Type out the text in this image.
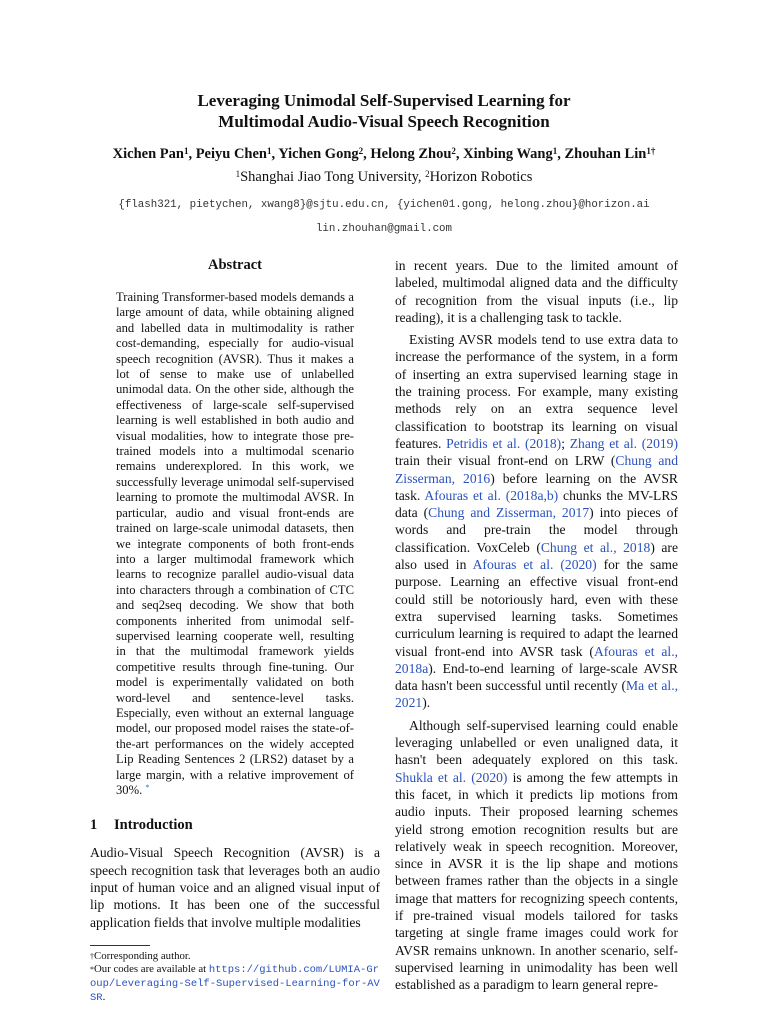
Leveraging Unimodal Self-Supervised Learning for
Multimodal Audio-Visual Speech Recognition
Xichen Pan$^1$, Peiyu Chen$^1$, Yichen Gong$^2$, Helong Zhou$^2$, Xinbing Wang$^1$, Zhouhan Lin$^{1\dagger}$
$^1$Shanghai Jiao Tong University, $^2$Horizon Robotics
{flash321, pietychen, xwang8}@sjtu.edu.cn, {yichen01.gong, helong.zhou}@horizon.ai
lin.zhouhan@gmail.com
Abstract

Training Transformer-based models demands a large amount of data, while obtaining aligned and labelled data in multimodality is rather cost-demanding, especially for audio-visual speech recognition (AVSR). Thus it makes a lot of sense to make use of unlabelled unimodal data. On the other side, although the effectiveness of large-scale self-supervised learning is well established in both audio and visual modalities, how to integrate those pre-trained models into a multimodal scenario remains underexplored. In this work, we successfully leverage unimodal self-supervised learning to promote the multimodal AVSR. In particular, audio and visual front-ends are trained on large-scale unimodal datasets, then we integrate components of both front-ends into a larger multimodal framework which learns to recognize parallel audio-visual data into characters through a combination of CTC and seq2seq decoding. We show that both components inherited from unimodal self-supervised learning cooperate well, resulting in that the multimodal framework yields competitive results through fine-tuning. Our model is experimentally validated on both word-level and sentence-level tasks. Especially, even without an external language model, our proposed model raises the state-of-the-art performances on the widely accepted Lip Reading Sentences 2 (LRS2) dataset by a large margin, with a relative improvement of 30%. *

1 Introduction

Audio-Visual Speech Recognition (AVSR) is a speech recognition task that leverages both an audio input of human voice and an aligned visual input of lip motions. It has been one of the successful application fields that involve multiple modalities

†Corresponding author.
*Our codes are available at https://github.com/LUMIA-Group/Leveraging-Self-Supervised-Learning-for-AVSR.

in recent years. Due to the limited amount of labeled, multimodal aligned data and the difficulty of recognition from the visual inputs (i.e., lip reading), it is a challenging task to tackle.

Existing AVSR models tend to use extra data to increase the performance of the system, in a form of inserting an extra supervised learning stage in the training process. For example, many existing methods rely on an extra sequence level classification to bootstrap its learning on visual features. Petridis et al. (2018); Zhang et al. (2019) train their visual front-end on LRW (Chung and Zisserman, 2016) before learning on the AVSR task. Afouras et al. (2018a,b) chunks the MV-LRS data (Chung and Zisserman, 2017) into pieces of words and pre-train the model through classification. VoxCeleb (Chung et al., 2018) are also used in Afouras et al. (2020) for the same purpose. Learning an effective visual front-end could still be notoriously hard, even with these extra supervised learning tasks. Sometimes curriculum learning is required to adapt the learned visual front-end into AVSR task (Afouras et al., 2018a). End-to-end learning of large-scale AVSR data hasn't been successful until recently (Ma et al., 2021).

Although self-supervised learning could enable leveraging unlabelled or even unaligned data, it hasn't been adequately explored on this task. Shukla et al. (2020) is among the few attempts in this facet, in which it predicts lip motions from audio inputs. Their proposed learning schemes yield strong emotion recognition results but are relatively weak in speech recognition. Moreover, since in AVSR it is the lip shape and motions between frames rather than the objects in a single image that matters for recognizing speech contents, if pre-trained visual models tailored for tasks targeting at single frame images could work for AVSR remains unknown. In another scenario, self-supervised learning in unimodality has been well established as a paradigm to learn general repre-
